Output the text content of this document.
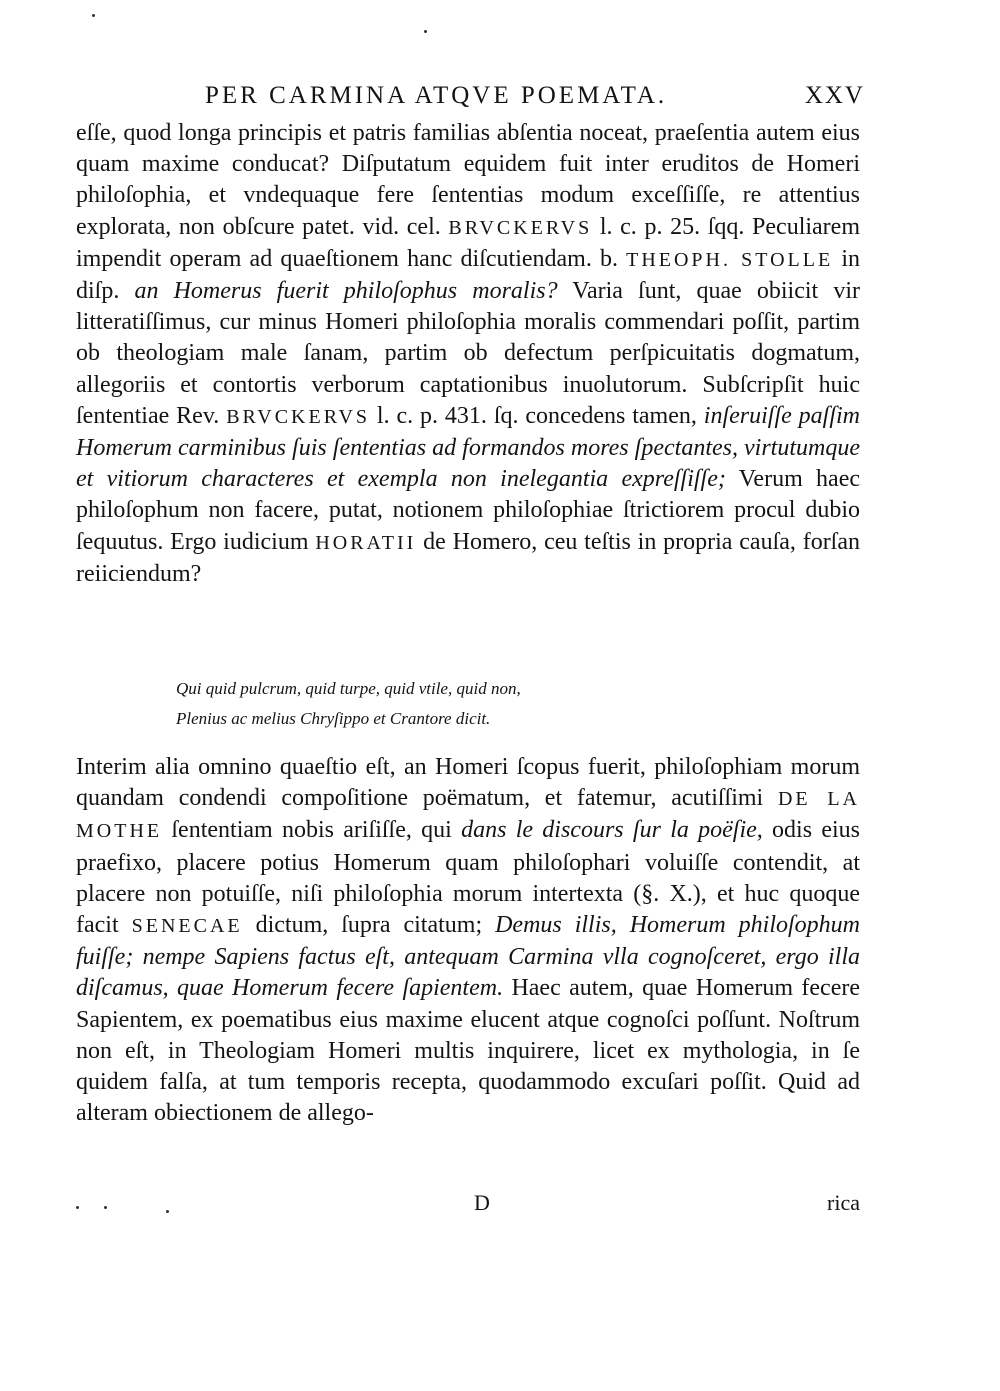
PER CARMINA ATQVE POEMATA.	XXV

eſſe, quod longa principis et patris familias abſentia noceat, praeſentia autem eius quam maxime conducat? Diſputatum equidem fuit inter eruditos de Homeri philoſophia, et vndequaque fere ſententias modum exceſſiſſe, re attentius explorata, non obſcure patet. vid. cel. BRVCKERVS l. c. p. 25. ſqq. Peculiarem impendit operam ad quaeſtionem hanc diſcutiendam. b. THEOPH. STOLLE in diſp. an Homerus fuerit philoſophus moralis? Varia ſunt, quae obiicit vir litteratiſſimus, cur minus Homeri philoſophia moralis commendari poſſit, partim ob theologiam male ſanam, partim ob defectum perſpicuitatis dogmatum, allegoriis et contortis verborum captationibus inuolutorum. Subſcripſit huic ſententiae Rev. BRVCKERVS l. c. p. 431. ſq. concedens tamen, inſeruiſſe paſſim Homerum carminibus ſuis ſententias ad formandos mores ſpectantes, virtutumque et vitiorum characteres et exempla non inelegantia expreſſiſſe; Verum haec philoſophum non facere, putat, notionem philoſophiae ſtrictiorem procul dubio ſequutus. Ergo iudicium HORATII de Homero, ceu teſtis in propria cauſa, forſan reiiciendum?

Qui quid pulcrum, quid turpe, quid vtile, quid non,
Plenius ac melius Chryſippo et Crantore dicit.

Interim alia omnino quaeſtio eſt, an Homeri ſcopus fuerit, philoſophiam morum quandam condendi compoſitione poëmatum, et fatemur, acutiſſimi DE LA MOTHE ſententiam nobis ariſiſſe, qui dans le discours ſur la poëſie, odis eius praefixo, placere potius Homerum quam philoſophari voluiſſe contendit, at placere non potuiſſe, niſi philoſophia morum intertexta (§. X.), et huc quoque facit SENECAE dictum, ſupra citatum; Demus illis, Homerum philoſophum fuiſſe; nempe Sapiens factus eſt, antequam Carmina vlla cognoſceret, ergo illa diſcamus, quae Homerum fecere ſapientem. Haec autem, quae Homerum fecere Sapientem, ex poematibus eius maxime elucent atque cognoſci poſſunt. Noſtrum non eſt, in Theologiam Homeri multis inquirere, licet ex mythologia, in ſe quidem falſa, at tum temporis recepta, quodammodo excuſari poſſit. Quid ad alteram obiectionem de allego-

D	rica
